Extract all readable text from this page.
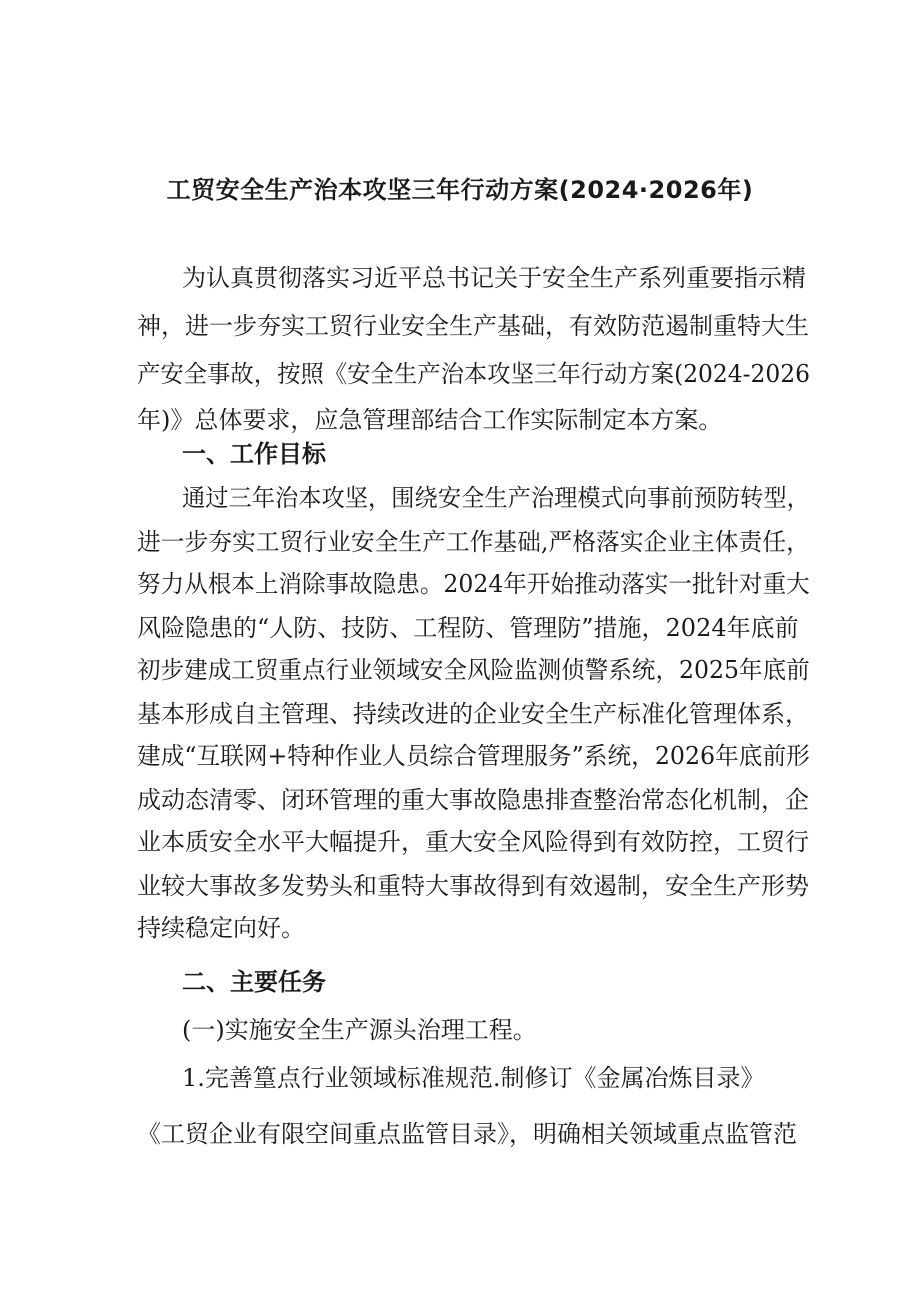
工贸安全生产治本攻坚三年行动方案(2024·2026年)

为认真贯彻落实习近平总书记关于安全生产系列重要指示精

神，进一步夯实工贸行业安全生产基础，有效防范遏制重特大生

产安全事故，按照《安全生产治本攻坚三年行动方案(2024-2026

年)》总体要求，应急管理部结合工作实际制定本方案。

一、工作目标

通过三年治本攻坚，围绕安全生产治理模式向事前预防转型，

进一步夯实工贸行业安全生产工作基础,严格落实企业主体责任，

努力从根本上消除事故隐患。2024年开始推动落实一批针对重大

风险隐患的“人防、技防、工程防、管理防”措施，2024年底前

初步建成工贸重点行业领域安全风险监测侦警系统，2025年底前

基本形成自主管理、持续改进的企业安全生产标准化管理体系，

建成“互联网+特种作业人员综合管理服务”系统，2026年底前形

成动态清零、闭环管理的重大事故隐患排查整治常态化机制，企

业本质安全水平大幅提升，重大安全风险得到有效防控，工贸行

业较大事故多发势头和重特大事故得到有效遏制，安全生产形势

持续稳定向好。

二、主要任务

(一)实施安全生产源头治理工程。

1.完善篁点行业领域标准规范.制修订《金属冶炼目录》

《工贸企业有限空间重点监管目录》，明确相关领域重点监管范
